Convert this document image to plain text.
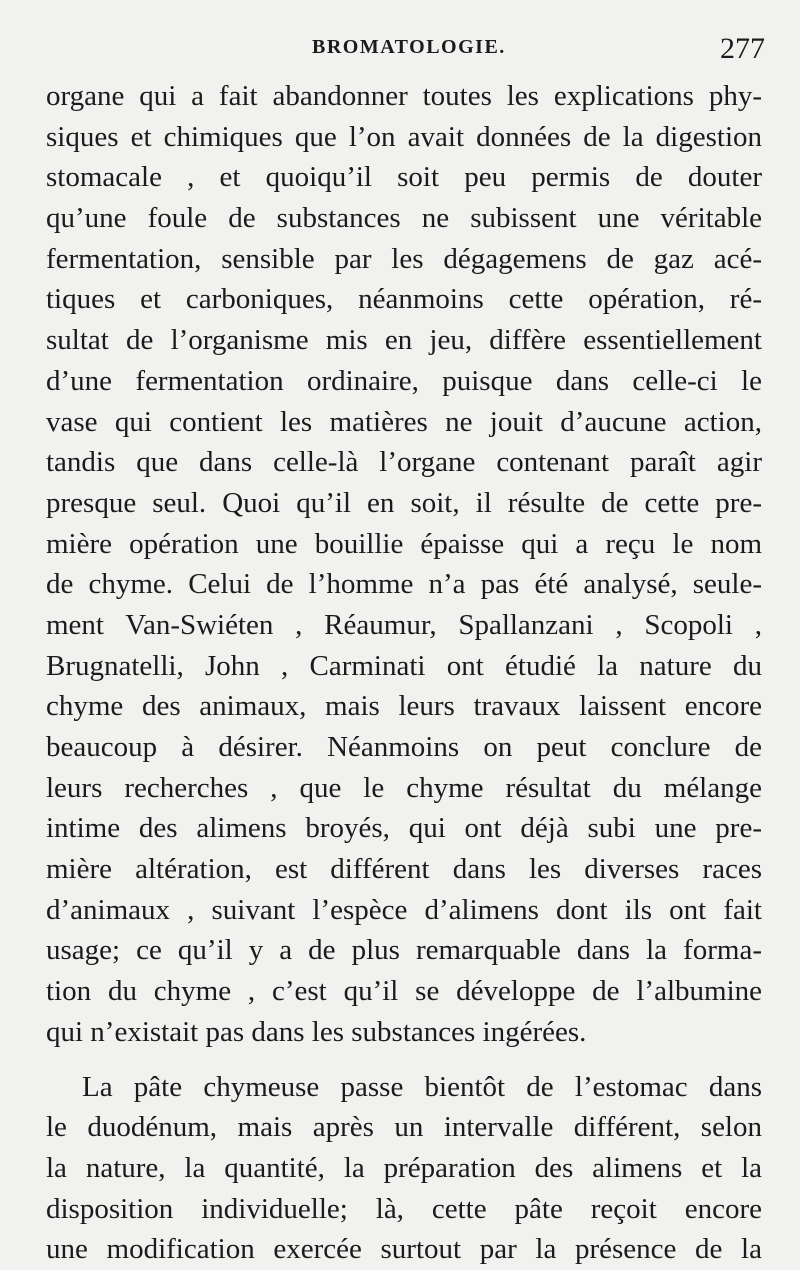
BROMATOLOGIE.	277
organe qui a fait abandonner toutes les explications phy-
siques et chimiques que l’on avait données de la digestion
stomacale , et quoiqu’il soit peu permis de douter
qu’une foule de substances ne subissent une véritable
fermentation, sensible par les dégagemens de gaz acé-
tiques et carboniques, néanmoins cette opération, ré-
sultat de l’organisme mis en jeu, diffère essentiellement
d’une fermentation ordinaire, puisque dans celle-ci le
vase qui contient les matières ne jouit d’aucune action,
tandis que dans celle-là l’organe contenant paraît agir
presque seul. Quoi qu’il en soit, il résulte de cette pre-
mière opération une bouillie épaisse qui a reçu le nom
de chyme. Celui de l’homme n’a pas été analysé, seule-
ment Van-Swiéten , Réaumur, Spallanzani , Scopoli ,
Brugnatelli, John , Carminati ont étudié la nature du
chyme des animaux, mais leurs travaux laissent encore
beaucoup à désirer. Néanmoins on peut conclure de
leurs recherches , que le chyme résultat du mélange
intime des alimens broyés, qui ont déjà subi une pre-
mière altération, est différent dans les diverses races
d’animaux , suivant l’espèce d’alimens dont ils ont fait
usage; ce qu’il y a de plus remarquable dans la forma-
tion du chyme , c’est qu’il se développe de l’albumine
qui n’existait pas dans les substances ingérées.
La pâte chymeuse passe bientôt de l’estomac dans
le duodénum, mais après un intervalle différent, selon
la nature, la quantité, la préparation des alimens et la
disposition individuelle; là, cette pâte reçoit encore
une modification exercée surtout par la présence de la
